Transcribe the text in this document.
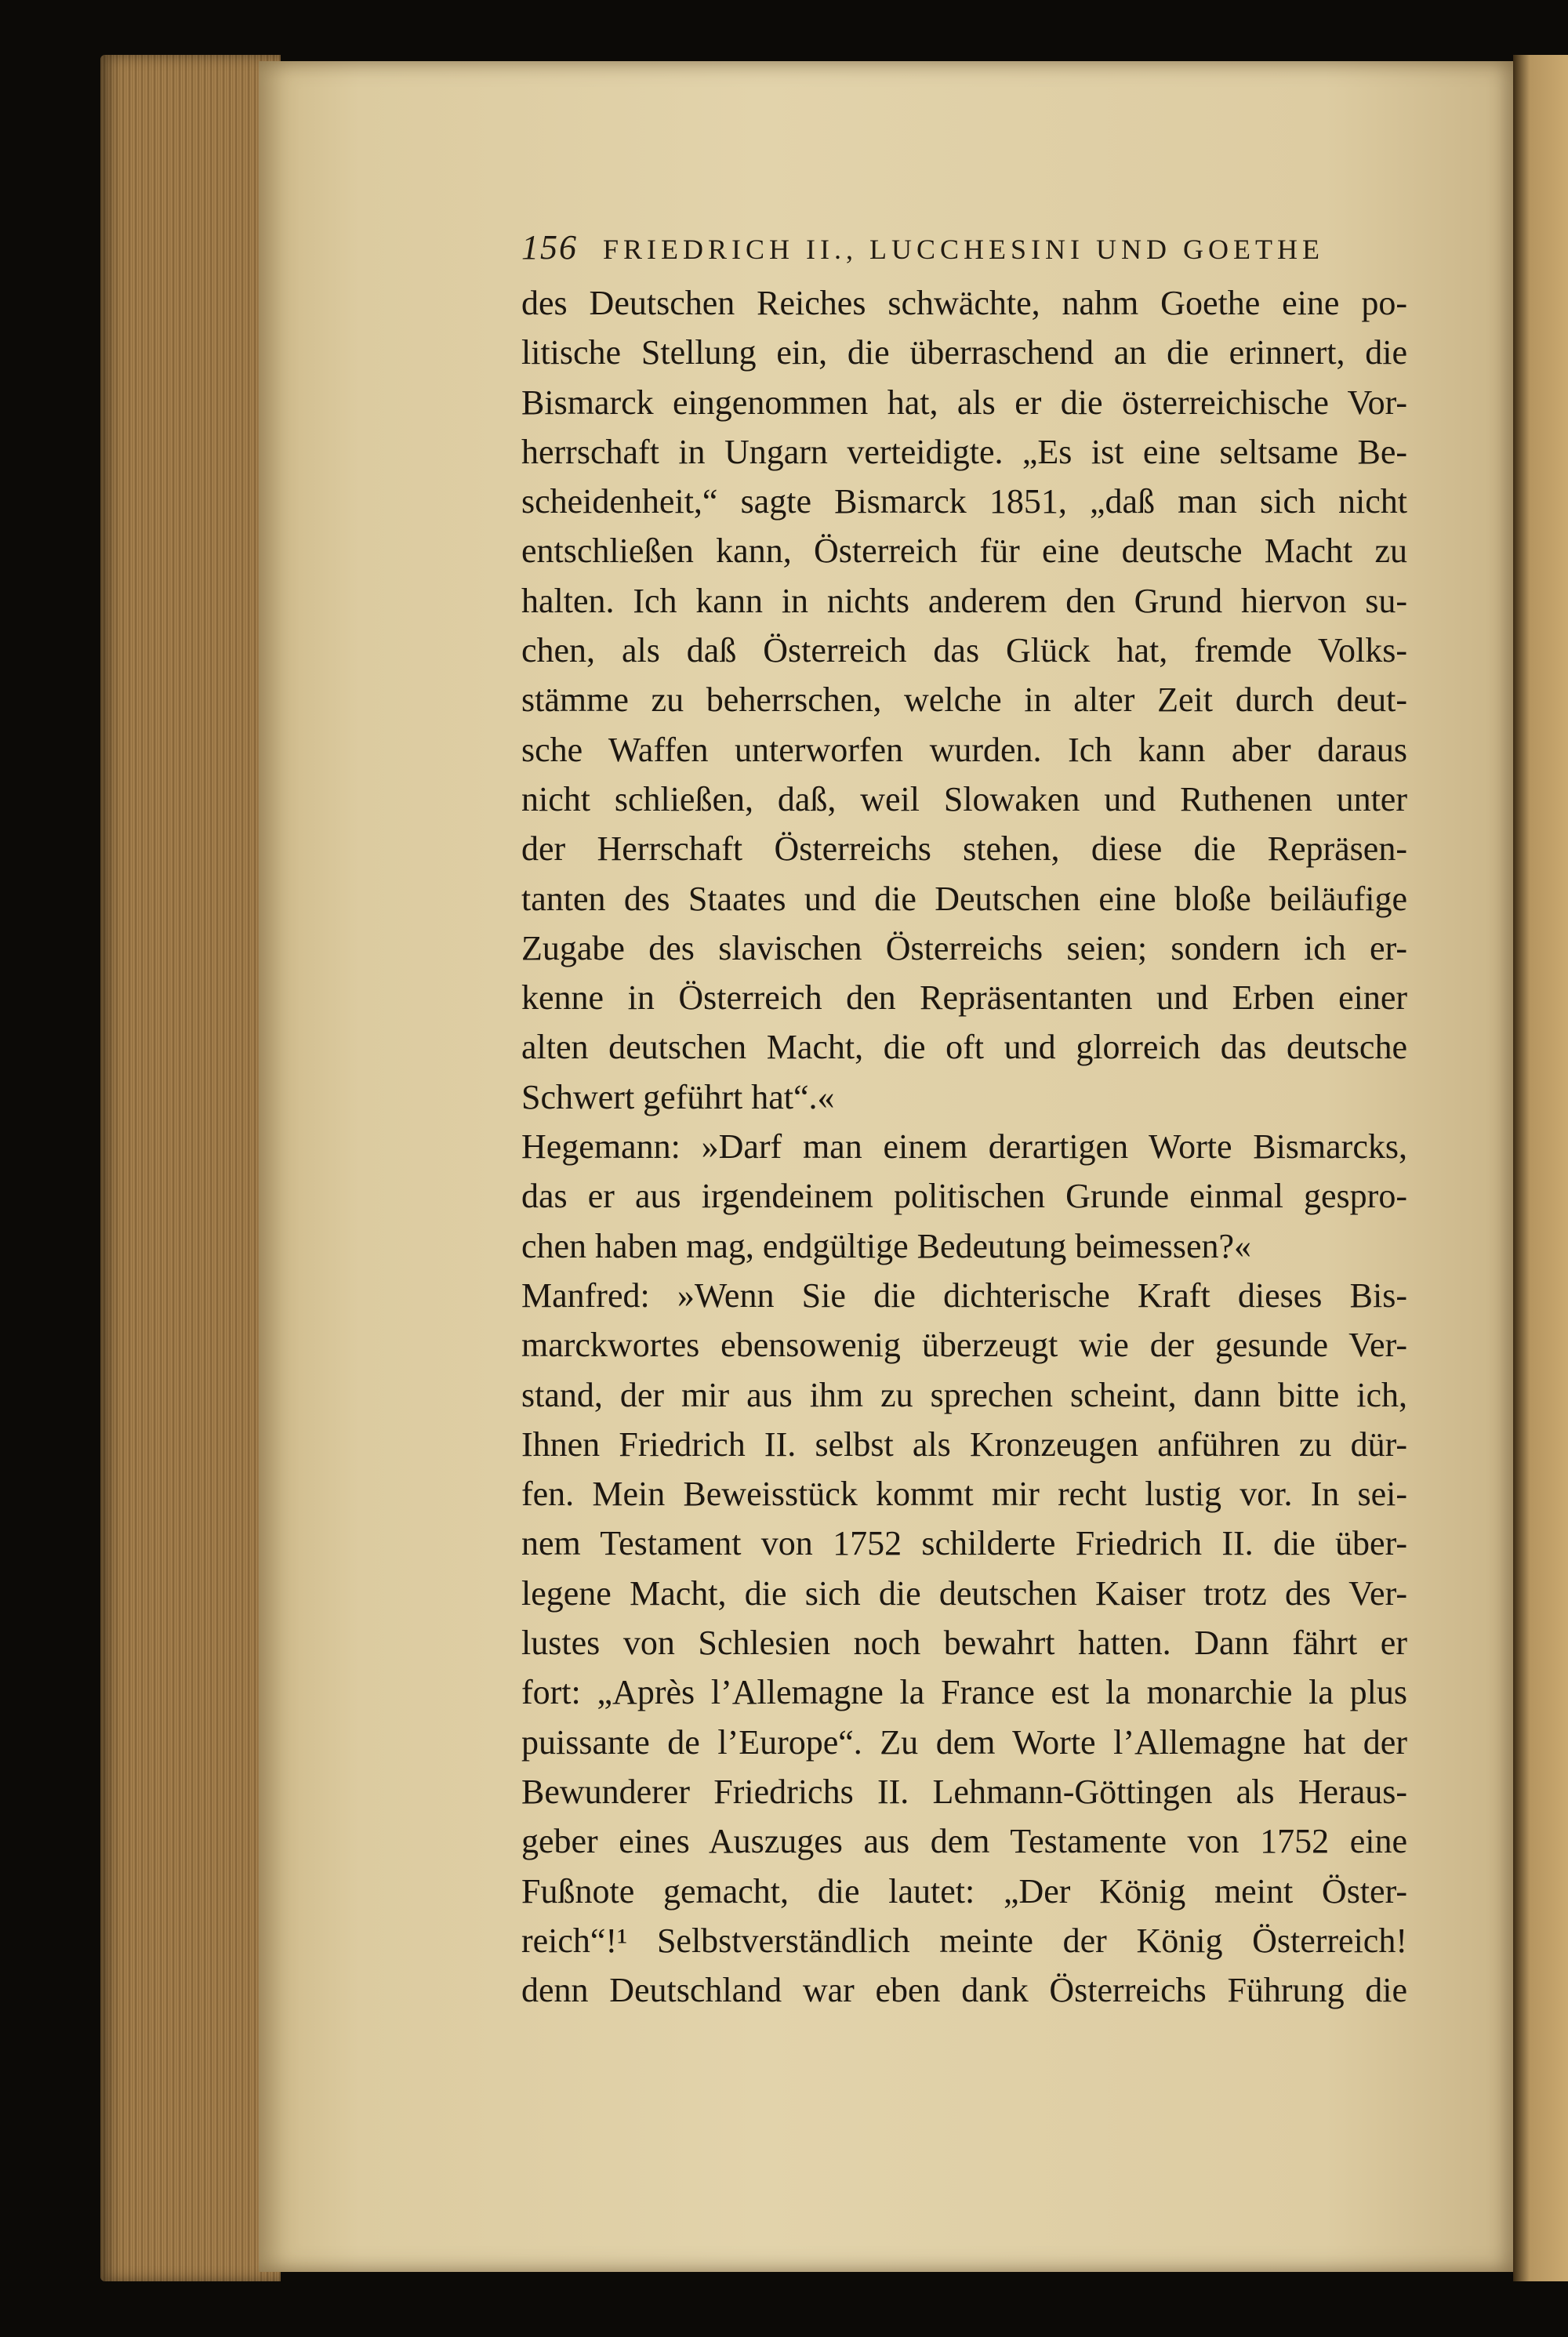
156 FRIEDRICH II., LUCCHESINI UND GOETHE
des Deutschen Reiches schwächte, nahm Goethe eine po-
litische Stellung ein, die überraschend an die erinnert, die
Bismarck eingenommen hat, als er die österreichische Vor-
herrschaft in Ungarn verteidigte. „Es ist eine seltsame Be-
scheidenheit,“ sagte Bismarck 1851, „daß man sich nicht
entschließen kann, Österreich für eine deutsche Macht zu
halten. Ich kann in nichts anderem den Grund hiervon su-
chen, als daß Österreich das Glück hat, fremde Volks-
stämme zu beherrschen, welche in alter Zeit durch deut-
sche Waffen unterworfen wurden. Ich kann aber daraus
nicht schließen, daß, weil Slowaken und Ruthenen unter
der Herrschaft Österreichs stehen, diese die Repräsen-
tanten des Staates und die Deutschen eine bloße beiläufige
Zugabe des slavischen Österreichs seien; sondern ich er-
kenne in Österreich den Repräsentanten und Erben einer
alten deutschen Macht, die oft und glorreich das deutsche
Schwert geführt hat“.«
Hegemann: »Darf man einem derartigen Worte Bismarcks,
das er aus irgendeinem politischen Grunde einmal gespro-
chen haben mag, endgültige Bedeutung beimessen?«
Manfred: »Wenn Sie die dichterische Kraft dieses Bis-
marckwortes ebensowenig überzeugt wie der gesunde Ver-
stand, der mir aus ihm zu sprechen scheint, dann bitte ich,
Ihnen Friedrich II. selbst als Kronzeugen anführen zu dür-
fen. Mein Beweisstück kommt mir recht lustig vor. In sei-
nem Testament von 1752 schilderte Friedrich II. die über-
legene Macht, die sich die deutschen Kaiser trotz des Ver-
lustes von Schlesien noch bewahrt hatten. Dann fährt er
fort: „Après l’Allemagne la France est la monarchie la plus
puissante de l’Europe“. Zu dem Worte l’Allemagne hat der
Bewunderer Friedrichs II. Lehmann-Göttingen als Heraus-
geber eines Auszuges aus dem Testamente von 1752 eine
Fußnote gemacht, die lautet: „Der König meint Öster-
reich“!¹ Selbstverständlich meinte der König Österreich!
denn Deutschland war eben dank Österreichs Führung die
